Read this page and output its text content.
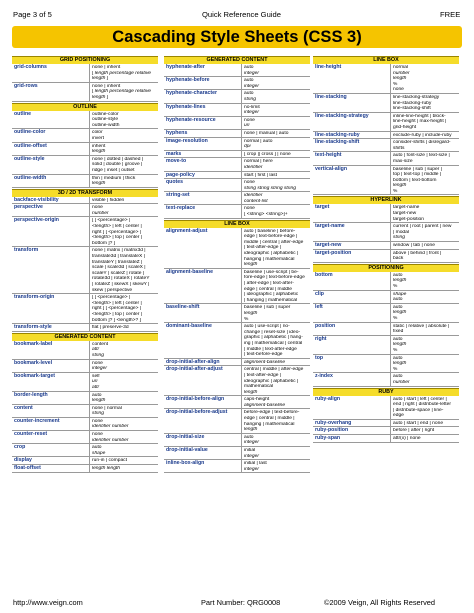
Page 3 of 5	Quick Reference Guide	FREE
Cascading Style Sheets (CSS 3)
GRID POSITIONING
grid-columns	none | inherit
[ length percentage relative
length ]
grid-rows	none | inherit
[ length percentage relative
length ]
OUTLINE
outline	outline-color
outline-style
outline-width
outline-color	color
invert
outline-offset	inherit
length
outline-style	none | dotted | dashed |
solid | double | groove |
ridge | inset | outset
outline-width	thin | medium | thick
length
3D / 2D TRANSFORM
backface-visibility	visible | hidden
perspective	none
number
perspective-origin	[ [ <percentage> |
<length> | left | center |
right ] [ <percentage> |
<length> | top | center |
bottom ]? ]
transform	none | matrix | matrix3d |
translate3d | translateX |
translateY | translateZ |
scale | scale3d | scaleX |
scaleY | scaleZ | rotate |
rotate3d | rotateX | rotateY
| rotateZ | skewX | skewY |
skew | perspective
transform-origin	[ [ <percentage> |
<length> | left | center |
right ] [ <percentage> |
<length> | top | center |
bottom ]? ] <length>? ]
transform-style	flat | preserve-3d
GENERATED CONTENT
bookmark-label	content
attr
string
bookmark-level	none
integer
bookmark-target	self
uri
attr
border-length	auto
length
content	none | normal
string
counter-increment	none
identifier number
counter-reset	none
identifier number
crop	auto
shape
display	run-in | compact
float-offset	length length
GENERATED CONTENT
hyphenate-after	auto
integer
hyphenate-before	auto
integer
hyphenate-character	auto
string
hyphenate-lines	no-limit
integer
hyphenate-resource	none
uri
hyphens	none | manual | auto
image-resolution	normal | auto
dpi
marks	[ crop || cross ] | none
move-to	normal | here
identifier
page-policy	start | first | last
quotes	none
string string string string
string-set	identifier
content-list
text-replace	none
[ <string> <string>]+
LINE BOX
alignment-adjust	auto | baseline | before-
edge | text-before-edge |
middle | central | after-edge
| text-after-edge |
ideographic | alphabetic |
hanging | mathematical
length
alignment-baseline	baseline | use-script | be-
fore-edge | text-before-edge
| after-edge | text-after-
edge | central | middle
| ideographic | alphabetic
| hanging | mathematical
baseline-shift	baseline | sub | super
length
%
dominant-baseline	auto | use-script | no-
change | reset-size | ideo-
graphic | alphabetic | hang-
ing | mathematical | central
| middle | text-after-edge
| text-before-edge
drop-initial-after-align	alignment-baseline
drop-initial-after-adjust	central | middle | after-edge
| text-after-edge |
ideographic | alphabetic |
mathematical
length
drop-initial-before-align	caps-height
alignment-baseline
drop-initial-before-adjust	before-edge | text-before-
edge | central | middle |
hanging | mathematical
length
drop-initial-size	auto
integer
drop-initial-value	initial
integer
inline-box-align	initial | last
integer
LINE BOX
line-height	normal
number
length
%
none
line-stacking	line-stacking-strategy
line-stacking-ruby
line-stacking-shift
line-stacking-strategy	inline-line-height | block-
line-height | max-height |
grid-height
line-stacking-ruby	exclude-ruby | include-ruby
line-stacking-shift	consider-shifts | disregard-
shifts
text-height	auto | font-size | text-size |
max-size
vertical-align	baseline | sub | super |
top | text-top | middle |
bottom | text-bottom
length
%
HYPERLINK
target	target-name
target-new
target-position
target-name	current | root | parent | new
| modal
string
target-new	window | tab | none
target-position	above | behind | front |
back
POSITIONING
bottom	auto
length
%
clip	shape
auto
left	auto
length
%
position	static | relative | absolute |
fixed
right	auto
length
%
top	auto
length
%
z-index	auto
number
RUBY
ruby-align	auto | start | left | center |
end | right | distribute-letter
| distribute-space | line-
edge
ruby-overhang	auto | start | end | none
ruby-position	before | after | right
ruby-span	attr(x) | none
http://www.veign.com	Part Number: QRG0008	©2009 Veign, All Rights Reserved
